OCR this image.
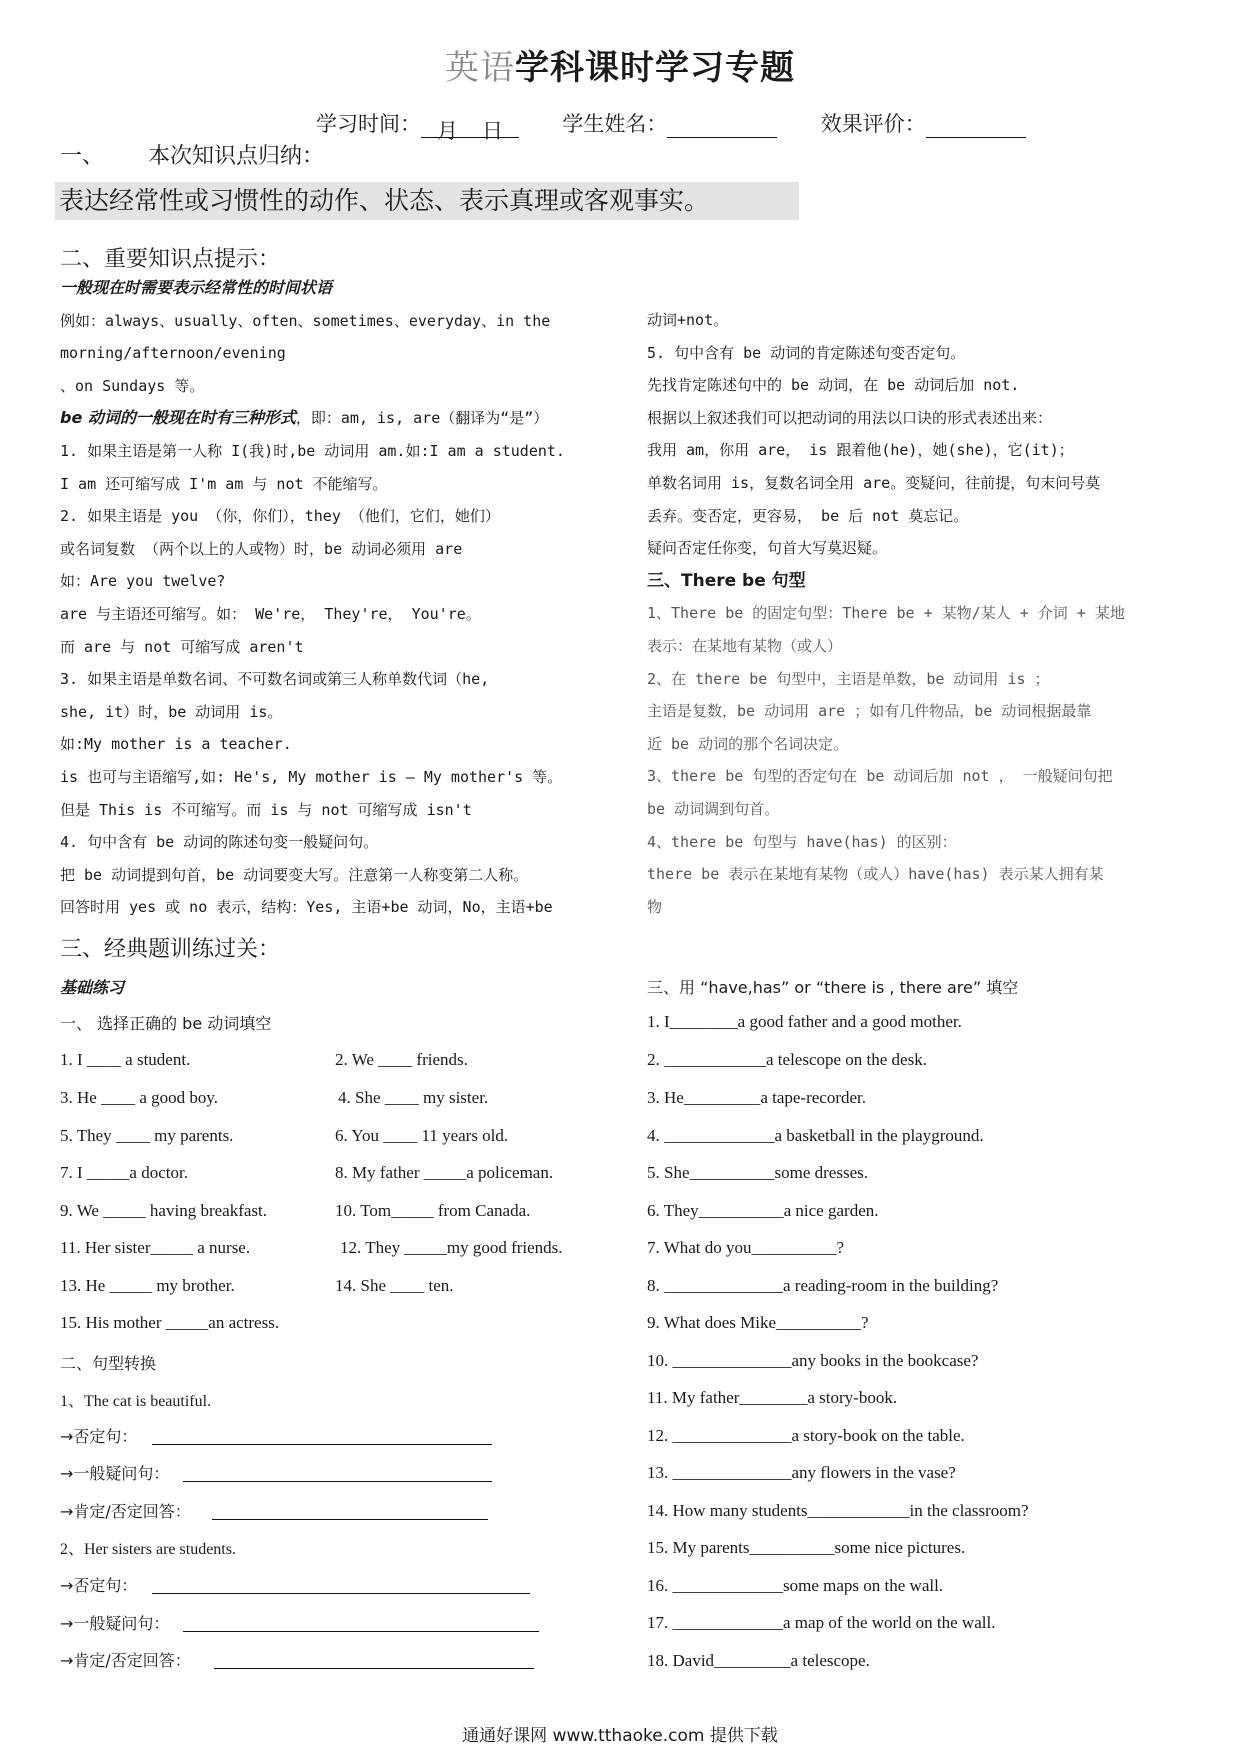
英语学科课时学习专题
学习时间： 月 日	学生姓名：	效果评价：
一、 本次知识点归纳：
表达经常性或习惯性的动作、状态、表示真理或客观事实。
二、重要知识点提示：
一般现在时需要表示经常性的时间状语
例如：always、usually、often、sometimes、everyday、in the
morning/afternoon/evening
、on Sundays 等。
be 动词的一般现在时有三种形式，即：am, is, are（翻译为“是”）
1. 如果主语是第一人称 I(我)时,be 动词用 am.如:I am a student.
I am 还可缩写成 I'm am 与 not 不能缩写。
2. 如果主语是 you （你，你们），they （他们，它们，她们）
或名词复数 （两个以上的人或物）时，be 动词必须用 are
如：Are you twelve?
are 与主语还可缩写。如： We're， They're， You're。
而 are 与 not 可缩写成 aren't
3. 如果主语是单数名词、不可数名词或第三人称单数代词（he,
she, it）时，be 动词用 is。
如:My mother is a teacher.
is 也可与主语缩写,如: He's, My mother is – My mother's 等。
但是 This is 不可缩写。而 is 与 not 可缩写成 isn't
4. 句中含有 be 动词的陈述句变一般疑问句。
把 be 动词提到句首，be 动词要变大写。注意第一人称变第二人称。
回答时用 yes 或 no 表示，结构：Yes, 主语+be 动词，No，主语+be
动词+not。
5. 句中含有 be 动词的肯定陈述句变否定句。
先找肯定陈述句中的 be 动词，在 be 动词后加 not.
根据以上叙述我们可以把动词的用法以口诀的形式表述出来：
我用 am，你用 are， is 跟着他(he)，她(she)，它(it)；
单数名词用 is，复数名词全用 are。变疑问，往前提，句末问号莫
丢弃。变否定，更容易， be 后 not 莫忘记。
疑问否定任你变，句首大写莫迟疑。
三、There be 句型
1、There be 的固定句型：There be + 某物/某人 + 介词 + 某地
表示：在某地有某物（或人）
2、在 there be 句型中，主语是单数，be 动词用 is ；
主语是复数，be 动词用 are ；如有几件物品，be 动词根据最靠
近 be 动词的那个名词决定。
3、there be 句型的否定句在 be 动词后加 not ， 一般疑问句把
be 动词调到句首。
4、there be 句型与 have(has) 的区别：
there be 表示在某地有某物（或人）have(has) 表示某人拥有某
物
三、经典题训练过关：
基础练习
一、 选择正确的 be 动词填空
1. I ____ a student.
3. He ____ a good boy.
5. They ____ my parents.
7. I _____a doctor.
9. We _____ having breakfast.
11. Her sister_____ a nurse.
13. He _____ my brother.
15. His mother _____an actress.
2. We ____ friends.
4. She ____ my sister.
6. You ____ 11 years old.
8. My father _____a policeman.
10. Tom_____ from Canada.
12. They _____my good friends.
14. She ____ ten.
二、句型转换
1、The cat is beautiful.
→否定句：
→一般疑问句：
→肯定/否定回答：
2、Her sisters are students.
→否定句：
→一般疑问句：
→肯定/否定回答：
三、用 “have,has” or “there is , there are” 填空
1. I________a good father and a good mother.
2. ____________a telescope on the desk.
3. He_________a tape-recorder.
4. _____________a basketball in the playground.
5. She__________some dresses.
6. They__________a nice garden.
7. What do you__________?
8. ______________a reading-room in the building?
9. What does Mike__________?
10. ______________any books in the bookcase?
11. My father________a story-book.
12. ______________a story-book on the table.
13. ______________any flowers in the vase?
14. How many students____________in the classroom?
15. My parents__________some nice pictures.
16. _____________some maps on the wall.
17. _____________a map of the world on the wall.
18. David_________a telescope.
通通好课网 www.tthaoke.com 提供下载
